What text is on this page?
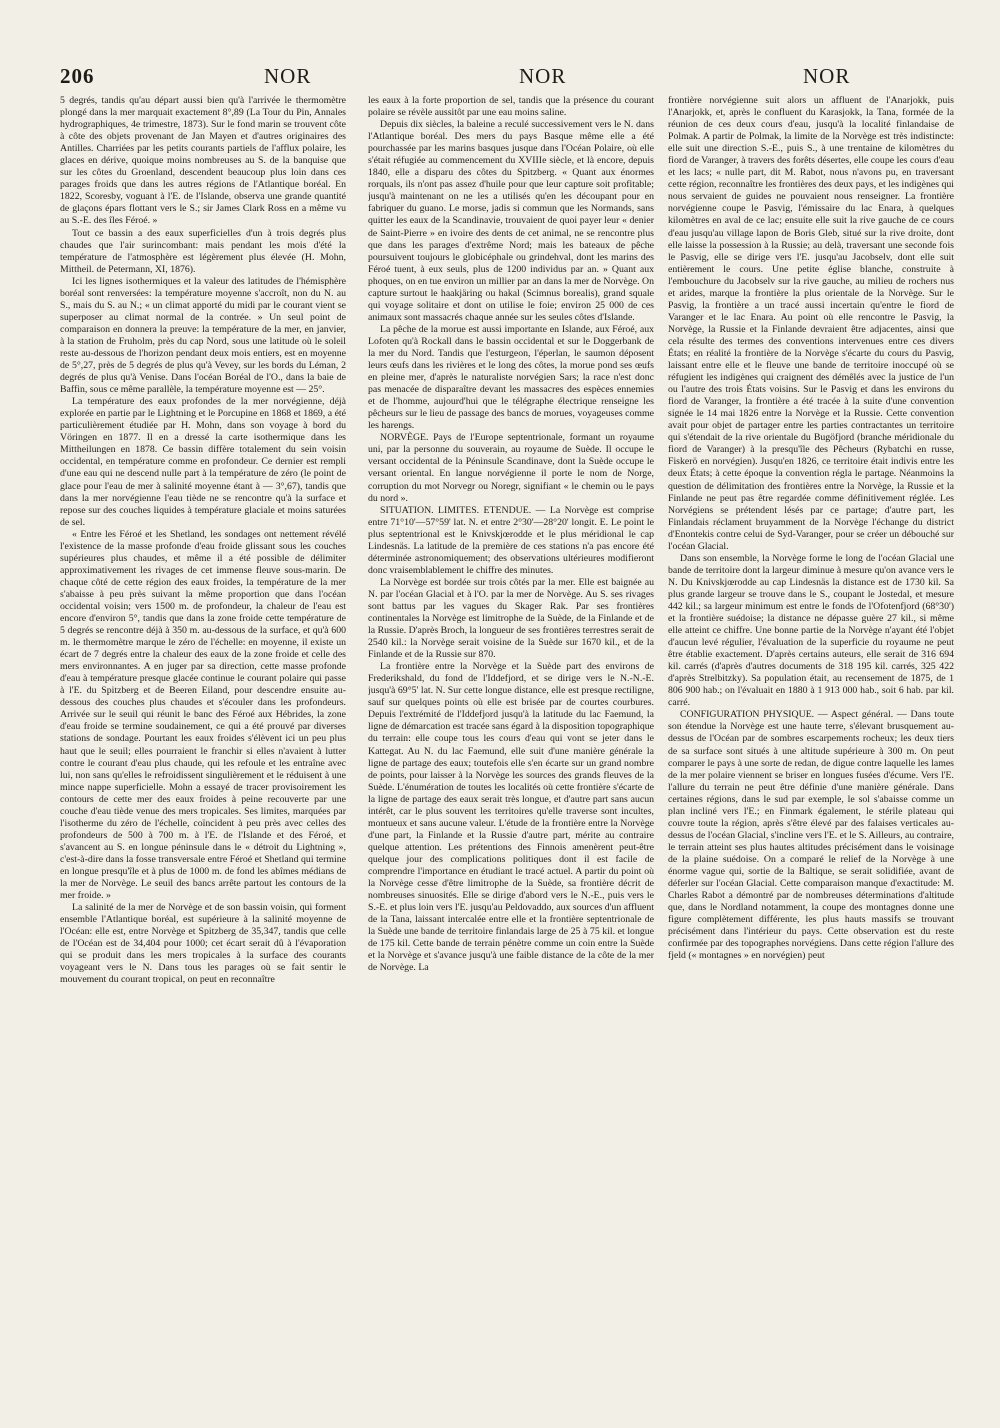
206	NOR	NOR	NOR

5 degrés, tandis qu'au départ aussi bien qu'à l'arrivée le thermomètre plongé dans la mer marquait exactement 8°,89 (La Tour du Pin, Annales hydrographiques, 4e trimestre, 1873). Sur le fond marin se trouvent côte à côte des objets provenant de Jan Mayen et d'autres originaires des Antilles. Charriées par les petits courants partiels de l'afflux polaire, les glaces en dérive, quoique moins nombreuses au S. de la banquise que sur les côtes du Groenland, descendent beaucoup plus loin dans ces parages froids que dans les autres régions de l'Atlantique boréal. En 1822, Scoresby, voguant à l'E. de l'Islande, observa une grande quantité de glaçons épars flottant vers le S.; sir James Clark Ross en a même vu au S.-E. des îles Féroé. »

Tout ce bassin a des eaux superficielles d'un à trois degrés plus chaudes que l'air surincombant: mais pendant les mois d'été la température de l'atmosphère est légèrement plus élevée (H. Mohn, Mittheil. de Petermann, XI, 1876).

Ici les lignes isothermiques et la valeur des latitudes de l'hémisphère boréal sont renversées: la température moyenne s'accroît, non du N. au S., mais du S. au N.; « un climat apporté du midi par le courant vient se superposer au climat normal de la contrée. » Un seul point de comparaison en donnera la preuve: la température de la mer, en janvier, à la station de Fruholm, près du cap Nord, sous une latitude où le soleil reste au-dessous de l'horizon pendant deux mois entiers, est en moyenne de 5°,27, près de 5 degrés de plus qu'à Vevey, sur les bords du Léman, 2 degrés de plus qu'à Venise. Dans l'océan Boréal de l'O., dans la baie de Baffin, sous ce même parallèle, la température moyenne est — 25°.

La température des eaux profondes de la mer norvégienne, déjà explorée en partie par le Lightning et le Porcupine en 1868 et 1869, a été particulièrement étudiée par H. Mohn, dans son voyage à bord du Vöringen en 1877. Il en a dressé la carte isothermique dans les Mittheilungen en 1878. Ce bassin diffère totalement du sein voisin occidental, en température comme en profondeur. Ce dernier est rempli d'une eau qui ne descend nulle part à la température de zéro (le point de glace pour l'eau de mer à salinité moyenne étant à — 3°,67), tandis que dans la mer norvégienne l'eau tiède ne se rencontre qu'à la surface et repose sur des couches liquides à température glaciale et moins saturées de sel.

« Entre les Féroé et les Shetland, les sondages ont nettement révélé l'existence de la masse profonde d'eau froide glissant sous les couches supérieures plus chaudes, et même il a été possible de délimiter approximativement les rivages de cet immense fleuve sous-marin. De chaque côté de cette région des eaux froides, la température de la mer s'abaisse à peu près suivant la même proportion que dans l'océan occidental voisin; vers 1500 m. de profondeur, la chaleur de l'eau est encore d'environ 5°, tandis que dans la zone froide cette température de 5 degrés se rencontre déjà à 350 m. au-dessous de la surface, et qu'à 600 m. le thermomètre marque le zéro de l'échelle: en moyenne, il existe un écart de 7 degrés entre la chaleur des eaux de la zone froide et celle des mers environnantes. A en juger par sa direction, cette masse profonde d'eau à température presque glacée continue le courant polaire qui passe à l'E. du Spitzberg et de Beeren Eiland, pour descendre ensuite au-dessous des couches plus chaudes et s'écouler dans les profondeurs. Arrivée sur le seuil qui réunit le banc des Féroé aux Hébrides, la zone d'eau froide se termine soudainement, ce qui a été prouvé par diverses stations de sondage. Pourtant les eaux froides s'élèvent ici un peu plus haut que le seuil; elles pourraient le franchir si elles n'avaient à lutter contre le courant d'eau plus chaude, qui les refoule et les entraîne avec lui, non sans qu'elles le refroidissent singulièrement et le réduisent à une mince nappe superficielle. Mohn a essayé de tracer provisoirement les contours de cette mer des eaux froides à peine recouverte par une couche d'eau tiède venue des mers tropicales. Ses limites, marquées par l'isotherme du zéro de l'échelle, coïncident à peu près avec celles des profondeurs de 500 à 700 m. à l'E. de l'Islande et des Féroé, et s'avancent au S. en longue péninsule dans le « détroit du Lightning », c'est-à-dire dans la fosse transversale entre Féroé et Shetland qui termine en longue presqu'île et à plus de 1000 m. de fond les abîmes médians de la mer de Norvège. Le seuil des bancs arrête partout les contours de la mer froide. »

La salinité de la mer de Norvège et de son bassin voisin, qui forment ensemble l'Atlantique boréal, est supérieure à la salinité moyenne de l'Océan: elle est, entre Norvège et Spitzberg de 35,347, tandis que celle de l'Océan est de 34,404 pour 1000; cet écart serait dû à l'évaporation qui se produit dans les mers tropicales à la surface des courants voyageant vers le N. Dans tous les parages où se fait sentir le mouvement du courant tropical, on peut en reconnaître

les eaux à la forte proportion de sel, tandis que la présence du courant polaire se révèle aussitôt par une eau moins saline.

Depuis dix siècles, la baleine a reculé successivement vers le N. dans l'Atlantique boréal. Des mers du pays Basque même elle a été pourchassée par les marins basques jusque dans l'Océan Polaire, où elle s'était réfugiée au commencement du XVIIIe siècle, et là encore, depuis 1840, elle a disparu des côtes du Spitzberg. « Quant aux énormes rorquals, ils n'ont pas assez d'huile pour que leur capture soit profitable; jusqu'à maintenant on ne les a utilisés qu'en les découpant pour en fabriquer du guano. Le morse, jadis si commun que les Normands, sans quitter les eaux de la Scandinavie, trouvaient de quoi payer leur « denier de Saint-Pierre » en ivoire des dents de cet animal, ne se rencontre plus que dans les parages d'extrême Nord; mais les bateaux de pêche poursuivent toujours le globicéphale ou grindehval, dont les marins des Féroé tuent, à eux seuls, plus de 1200 individus par an. » Quant aux phoques, on en tue environ un millier par an dans la mer de Norvège. On capture surtout le haakjäring ou hakal (Scimnus borealis), grand squale qui voyage solitaire et dont on utilise le foie; environ 25 000 de ces animaux sont massacrés chaque année sur les seules côtes d'Islande.

La pêche de la morue est aussi importante en Islande, aux Féroé, aux Lofoten qu'à Rockall dans le bassin occidental et sur le Doggerbank de la mer du Nord. Tandis que l'esturgeon, l'éperlan, le saumon déposent leurs œufs dans les rivières et le long des côtes, la morue pond ses œufs en pleine mer, d'après le naturaliste norvégien Sars; la race n'est donc pas menacée de disparaître devant les massacres des espèces ennemies et de l'homme, aujourd'hui que le télégraphe électrique renseigne les pêcheurs sur le lieu de passage des bancs de morues, voyageuses comme les harengs.

NORVÈGE. Pays de l'Europe septentrionale, formant un royaume uni, par la personne du souverain, au royaume de Suède. Il occupe le versant occidental de la Péninsule Scandinave, dont la Suède occupe le versant oriental. En langue norvégienne il porte le nom de Norge, corruption du mot Norvegr ou Noregr, signifiant « le chemin ou le pays du nord ».

SITUATION. LIMITES. ETENDUE. — La Norvège est comprise entre 71°10'—57°59' lat. N. et entre 2°30'—28°20' longit. E. Le point le plus septentrional est le Knivskjœrodde et le plus méridional le cap Lindesnäs. La latitude de la première de ces stations n'a pas encore été déterminée astronomiquement; des observations ultérieures modifieront donc vraisemblablement le chiffre des minutes.

La Norvège est bordée sur trois côtés par la mer. Elle est baignée au N. par l'océan Glacial et à l'O. par la mer de Norvège. Au S. ses rivages sont battus par les vagues du Skager Rak. Par ses frontières continentales la Norvège est limitrophe de la Suède, de la Finlande et de la Russie. D'après Broch, la longueur de ses frontières terrestres serait de 2540 kil.: la Norvège serait voisine de la Suède sur 1670 kil., et de la Finlande et de la Russie sur 870.

La frontière entre la Norvège et la Suède part des environs de Frederikshald, du fond de l'Iddefjord, et se dirige vers le N.-N.-E. jusqu'à 69°5' lat. N. Sur cette longue distance, elle est presque rectiligne, sauf sur quelques points où elle est brisée par de courtes courbures. Depuis l'extrémité de l'Iddefjord jusqu'à la latitude du lac Faemund, la ligne de démarcation est tracée sans égard à la disposition topographique du terrain: elle coupe tous les cours d'eau qui vont se jeter dans le Kattegat. Au N. du lac Faemund, elle suit d'une manière générale la ligne de partage des eaux; toutefois elle s'en écarte sur un grand nombre de points, pour laisser à la Norvège les sources des grands fleuves de la Suède. L'énumération de toutes les localités où cette frontière s'écarte de la ligne de partage des eaux serait très longue, et d'autre part sans aucun intérêt, car le plus souvent les territoires qu'elle traverse sont incultes, montueux et sans aucune valeur. L'étude de la frontière entre la Norvège d'une part, la Finlande et la Russie d'autre part, mérite au contraire quelque attention. Les prétentions des Finnois amenèrent peut-être quelque jour des complications politiques dont il est facile de comprendre l'importance en étudiant le tracé actuel. A partir du point où la Norvège cesse d'être limitrophe de la Suède, sa frontière décrit de nombreuses sinuosités. Elle se dirige d'abord vers le N.-E., puis vers le S.-E. et plus loin vers l'E. jusqu'au Peldovaddo, aux sources d'un affluent de la Tana, laissant intercalée entre elle et la frontière septentrionale de la Suède une bande de territoire finlandais large de 25 à 75 kil. et longue de 175 kil. Cette bande de terrain pénètre comme un coin entre la Suède et la Norvège et s'avance jusqu'à une faible distance de la côte de la mer de Norvège. La

frontière norvégienne suit alors un affluent de l'Anarjokk, puis l'Anarjokk, et, après le confluent du Karasjokk, la Tana, formée de la réunion de ces deux cours d'eau, jusqu'à la localité finlandaise de Polmak. A partir de Polmak, la limite de la Norvège est très indistincte: elle suit une direction S.-E., puis S., à une trentaine de kilomètres du fiord de Varanger, à travers des forêts désertes, elle coupe les cours d'eau et les lacs; « nulle part, dit M. Rabot, nous n'avons pu, en traversant cette région, reconnaître les frontières des deux pays, et les indigènes qui nous servaient de guides ne pouvaient nous renseigner. La frontière norvégienne coupe le Pasvig, l'émissaire du lac Enara, à quelques kilomètres en aval de ce lac; ensuite elle suit la rive gauche de ce cours d'eau jusqu'au village lapon de Boris Gleb, situé sur la rive droite, dont elle laisse la possession à la Russie; au delà, traversant une seconde fois le Pasvig, elle se dirige vers l'E. jusqu'au Jacobselv, dont elle suit entièrement le cours. Une petite église blanche, construite à l'embouchure du Jacobselv sur la rive gauche, au milieu de rochers nus et arides, marque la frontière la plus orientale de la Norvège. Sur le Pasvig, la frontière a un tracé aussi incertain qu'entre le fiord de Varanger et le lac Enara. Au point où elle rencontre le Pasvig, la Norvège, la Russie et la Finlande devraient être adjacentes, ainsi que cela résulte des termes des conventions intervenues entre ces divers États; en réalité la frontière de la Norvège s'écarte du cours du Pasvig, laissant entre elle et le fleuve une bande de territoire inoccupé où se réfugient les indigènes qui craignent des démêlés avec la justice de l'un ou l'autre des trois États voisins. Sur le Pasvig et dans les environs du fiord de Varanger, la frontière a été tracée à la suite d'une convention signée le 14 mai 1826 entre la Norvège et la Russie. Cette convention avait pour objet de partager entre les parties contractantes un territoire qui s'étendait de la rive orientale du Bugöfjord (branche méridionale du fiord de Varanger) à la presqu'île des Pêcheurs (Rybatchi en russe, Fiskerö en norvégien). Jusqu'en 1826, ce territoire était indivis entre les deux États; à cette époque la convention régla le partage. Néanmoins la question de délimitation des frontières entre la Norvège, la Russie et la Finlande ne peut pas être regardée comme définitivement réglée. Les Norvégiens se prétendent lésés par ce partage; d'autre part, les Finlandais réclament bruyamment de la Norvège l'échange du district d'Enontekis contre celui de Syd-Varanger, pour se créer un débouché sur l'océan Glacial.

Dans son ensemble, la Norvège forme le long de l'océan Glacial une bande de territoire dont la largeur diminue à mesure qu'on avance vers le N. Du Knivskjœrodde au cap Lindesnäs la distance est de 1730 kil. Sa plus grande largeur se trouve dans le S., coupant le Jostedal, et mesure 442 kil.; sa largeur minimum est entre le fonds de l'Ofotenfjord (68°30') et la frontière suédoise; la distance ne dépasse guère 27 kil., si même elle atteint ce chiffre. Une bonne partie de la Norvège n'ayant été l'objet d'aucun levé régulier, l'évaluation de la superficie du royaume ne peut être établie exactement. D'après certains auteurs, elle serait de 316 694 kil. carrés (d'après d'autres documents de 318 195 kil. carrés, 325 422 d'après Strelbitzky). Sa population était, au recensement de 1875, de 1 806 900 hab.; on l'évaluait en 1880 à 1 913 000 hab., soit 6 hab. par kil. carré.

CONFIGURATION PHYSIQUE. — Aspect général. — Dans toute son étendue la Norvège est une haute terre, s'élevant brusquement au-dessus de l'Océan par de sombres escarpements rocheux; les deux tiers de sa surface sont situés à une altitude supérieure à 300 m. On peut comparer le pays à une sorte de redan, de digue contre laquelle les lames de la mer polaire viennent se briser en longues fusées d'écume. Vers l'E. l'allure du terrain ne peut être définie d'une manière générale. Dans certaines régions, dans le sud par exemple, le sol s'abaisse comme un plan incliné vers l'E.; en Finmark également, le stérile plateau qui couvre toute la région, après s'être élevé par des falaises verticales au-dessus de l'océan Glacial, s'incline vers l'E. et le S. Ailleurs, au contraire, le terrain atteint ses plus hautes altitudes précisément dans le voisinage de la plaine suédoise. On a comparé le relief de la Norvège à une énorme vague qui, sortie de la Baltique, se serait solidifiée, avant de déferler sur l'océan Glacial. Cette comparaison manque d'exactitude: M. Charles Rabot a démontré par de nombreuses déterminations d'altitude que, dans le Nordland notamment, la coupe des montagnes donne une figure complètement différente, les plus hauts massifs se trouvant précisément dans l'intérieur du pays. Cette observation est du reste confirmée par des topographes norvégiens. Dans cette région l'allure des fjeld (« montagnes » en norvégien) peut
